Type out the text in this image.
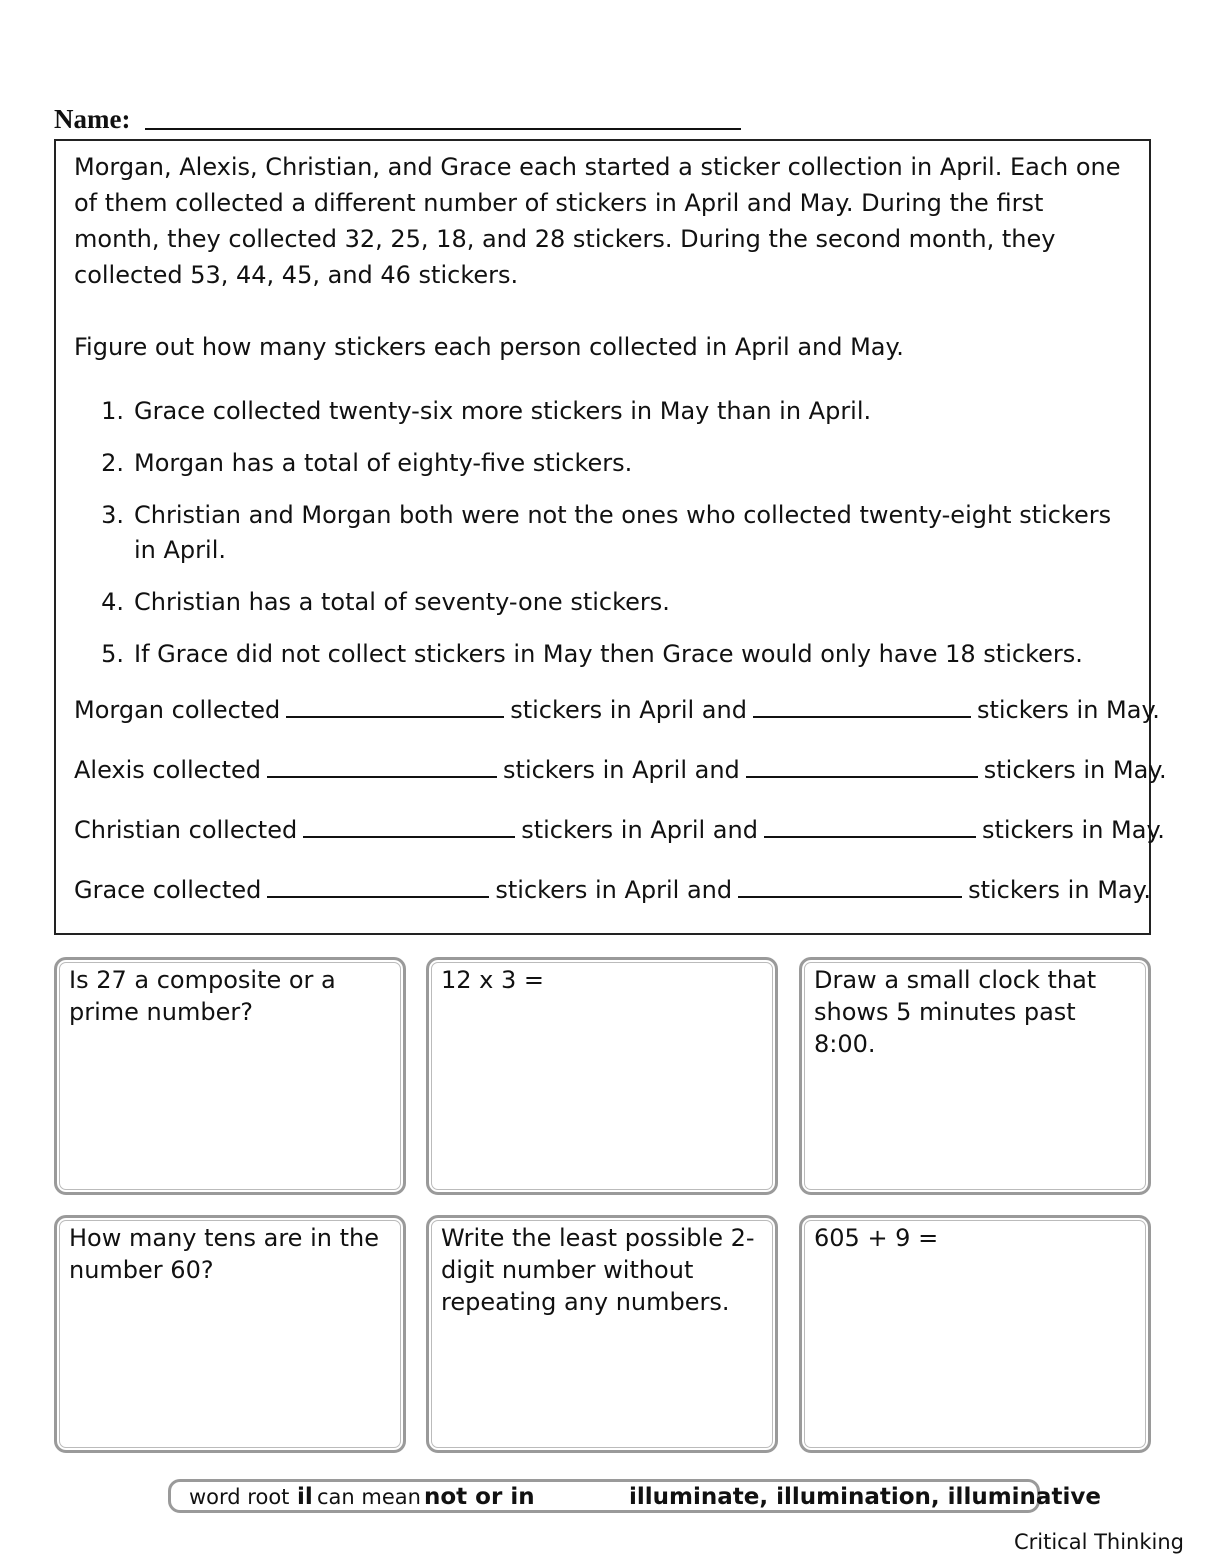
Name:
Morgan, Alexis, Christian, and Grace each started a sticker collection in April. Each one of them collected a different number of stickers in April and May. During the first month, they collected 32, 25, 18, and 28 stickers. During the second month, they collected 53, 44, 45, and 46 stickers.
Figure out how many stickers each person collected in April and May.
1. Grace collected twenty-six more stickers in May than in April.
2. Morgan has a total of eighty-five stickers.
3. Christian and Morgan both were not the ones who collected twenty-eight stickers in April.
4. Christian has a total of seventy-one stickers.
5. If Grace did not collect stickers in May then Grace would only have 18 stickers.
Morgan collected	stickers in April and	stickers in May.
Alexis collected	stickers in April and	stickers in May.
Christian collected	stickers in April and	stickers in May.
Grace collected	stickers in April and	stickers in May.
Is 27 a composite or a prime number?
12 x 3 =	Draw a small clock that shows 5 minutes past 8:00.
How many tens are in the number 60?
Write the least possible 2-digit number without repeating any numbers.
605 + 9 =
word root il can mean not or in	illuminate, illumination, illuminative
Critical Thinking
